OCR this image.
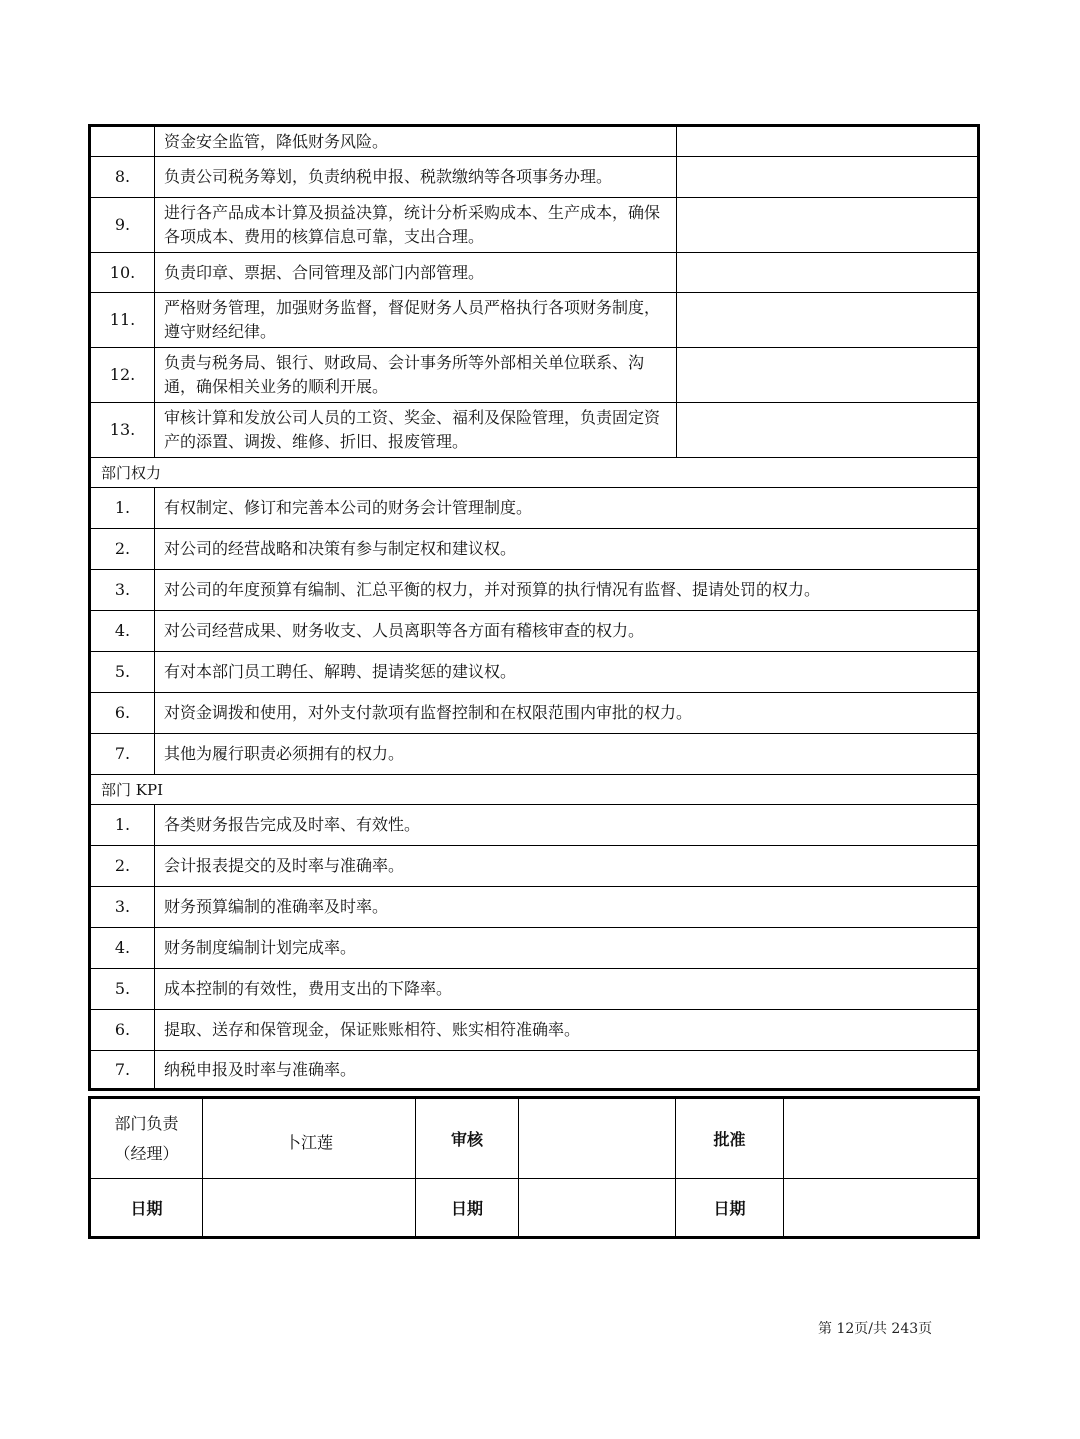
	资金安全监管，降低财务风险。	
8.	负责公司税务筹划，负责纳税申报、税款缴纳等各项事务办理。	
9.	进行各产品成本计算及损益决算，统计分析采购成本、生产成本，确保各项成本、费用的核算信息可靠，支出合理。	
10.	负责印章、票据、合同管理及部门内部管理。	
11.	严格财务管理，加强财务监督，督促财务人员严格执行各项财务制度，遵守财经纪律。	
12.	负责与税务局、银行、财政局、会计事务所等外部相关单位联系、沟通，确保相关业务的顺利开展。	
13.	审核计算和发放公司人员的工资、奖金、福利及保险管理，负责固定资产的添置、调拨、维修、折旧、报废管理。	
部门权力		
1.	有权制定、修订和完善本公司的财务会计管理制度。	
2.	对公司的经营战略和决策有参与制定权和建议权。	
3.	对公司的年度预算有编制、汇总平衡的权力，并对预算的执行情况有监督、提请处罚的权力。	
4.	对公司经营成果、财务收支、人员离职等各方面有稽核审查的权力。	
5.	有对本部门员工聘任、解聘、提请奖惩的建议权。	
6.	对资金调拨和使用，对外支付款项有监督控制和在权限范围内审批的权力。	
7.	其他为履行职责必须拥有的权力。	
部门 KPI		
1.	各类财务报告完成及时率、有效性。	
2.	会计报表提交的及时率与准确率。	
3.	财务预算编制的准确率及时率。	
4.	财务制度编制计划完成率。	
5.	成本控制的有效性，费用支出的下降率。	
6.	提取、送存和保管现金，保证账账相符、账实相符准确率。	
7.	纳税申报及时率与准确率。	
部门负责
（经理）	卜江莲	审核		批准	
日期		日期		日期	
第 12页/共 243页
